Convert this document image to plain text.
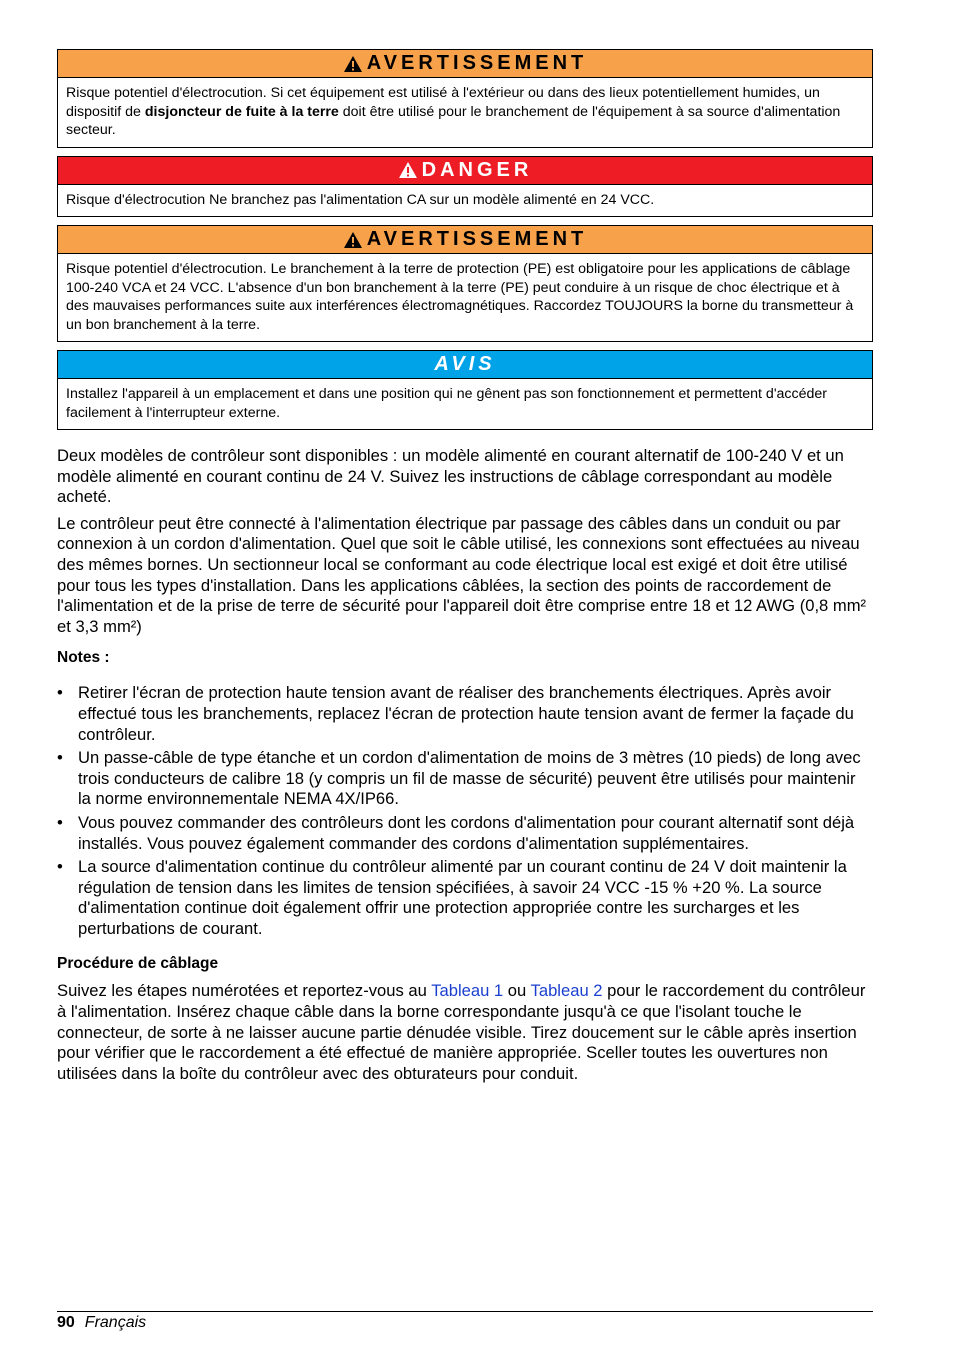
AVERTISSEMENT
Risque potentiel d'électrocution. Si cet équipement est utilisé à l'extérieur ou dans des lieux potentiellement humides, un dispositif de disjoncteur de fuite à la terre doit être utilisé pour le branchement de l'équipement à sa source d'alimentation secteur.
DANGER
Risque d'électrocution Ne branchez pas l'alimentation CA sur un modèle alimenté en 24 VCC.
AVERTISSEMENT
Risque potentiel d'électrocution. Le branchement à la terre de protection (PE) est obligatoire pour les applications de câblage 100-240 VCA et 24 VCC. L'absence d'un bon branchement à la terre (PE) peut conduire à un risque de choc électrique et à des mauvaises performances suite aux interférences électromagnétiques. Raccordez TOUJOURS la borne du transmetteur à un bon branchement à la terre.
AVIS
Installez l'appareil à un emplacement et dans une position qui ne gênent pas son fonctionnement et permettent d'accéder facilement à l'interrupteur externe.

Deux modèles de contrôleur sont disponibles : un modèle alimenté en courant alternatif de 100-240 V et un modèle alimenté en courant continu de 24 V. Suivez les instructions de câblage correspondant au modèle acheté.

Le contrôleur peut être connecté à l'alimentation électrique par passage des câbles dans un conduit ou par connexion à un cordon d'alimentation. Quel que soit le câble utilisé, les connexions sont effectuées au niveau des mêmes bornes. Un sectionneur local se conformant au code électrique local est exigé et doit être utilisé pour tous les types d'installation. Dans les applications câblées, la section des points de raccordement de l'alimentation et de la prise de terre de sécurité pour l'appareil doit être comprise entre 18 et 12 AWG (0,8 mm² et 3,3 mm²)

Notes :
• Retirer l'écran de protection haute tension avant de réaliser des branchements électriques. Après avoir effectué tous les branchements, replacez l'écran de protection haute tension avant de fermer la façade du contrôleur.
• Un passe-câble de type étanche et un cordon d'alimentation de moins de 3 mètres (10 pieds) de long avec trois conducteurs de calibre 18 (y compris un fil de masse de sécurité) peuvent être utilisés pour maintenir la norme environnementale NEMA 4X/IP66.
• Vous pouvez commander des contrôleurs dont les cordons d'alimentation pour courant alternatif sont déjà installés. Vous pouvez également commander des cordons d'alimentation supplémentaires.
• La source d'alimentation continue du contrôleur alimenté par un courant continu de 24 V doit maintenir la régulation de tension dans les limites de tension spécifiées, à savoir 24 VCC -15 % +20 %. La source d'alimentation continue doit également offrir une protection appropriée contre les surcharges et les perturbations de courant.
Procédure de câblage

Suivez les étapes numérotées et reportez-vous au Tableau 1 ou Tableau 2 pour le raccordement du contrôleur à l'alimentation. Insérez chaque câble dans la borne correspondante jusqu'à ce que l'isolant touche le connecteur, de sorte à ne laisser aucune partie dénudée visible. Tirez doucement sur le câble après insertion pour vérifier que le raccordement a été effectué de manière appropriée. Sceller toutes les ouvertures non utilisées dans la boîte du contrôleur avec des obturateurs pour conduit.

90 Français
